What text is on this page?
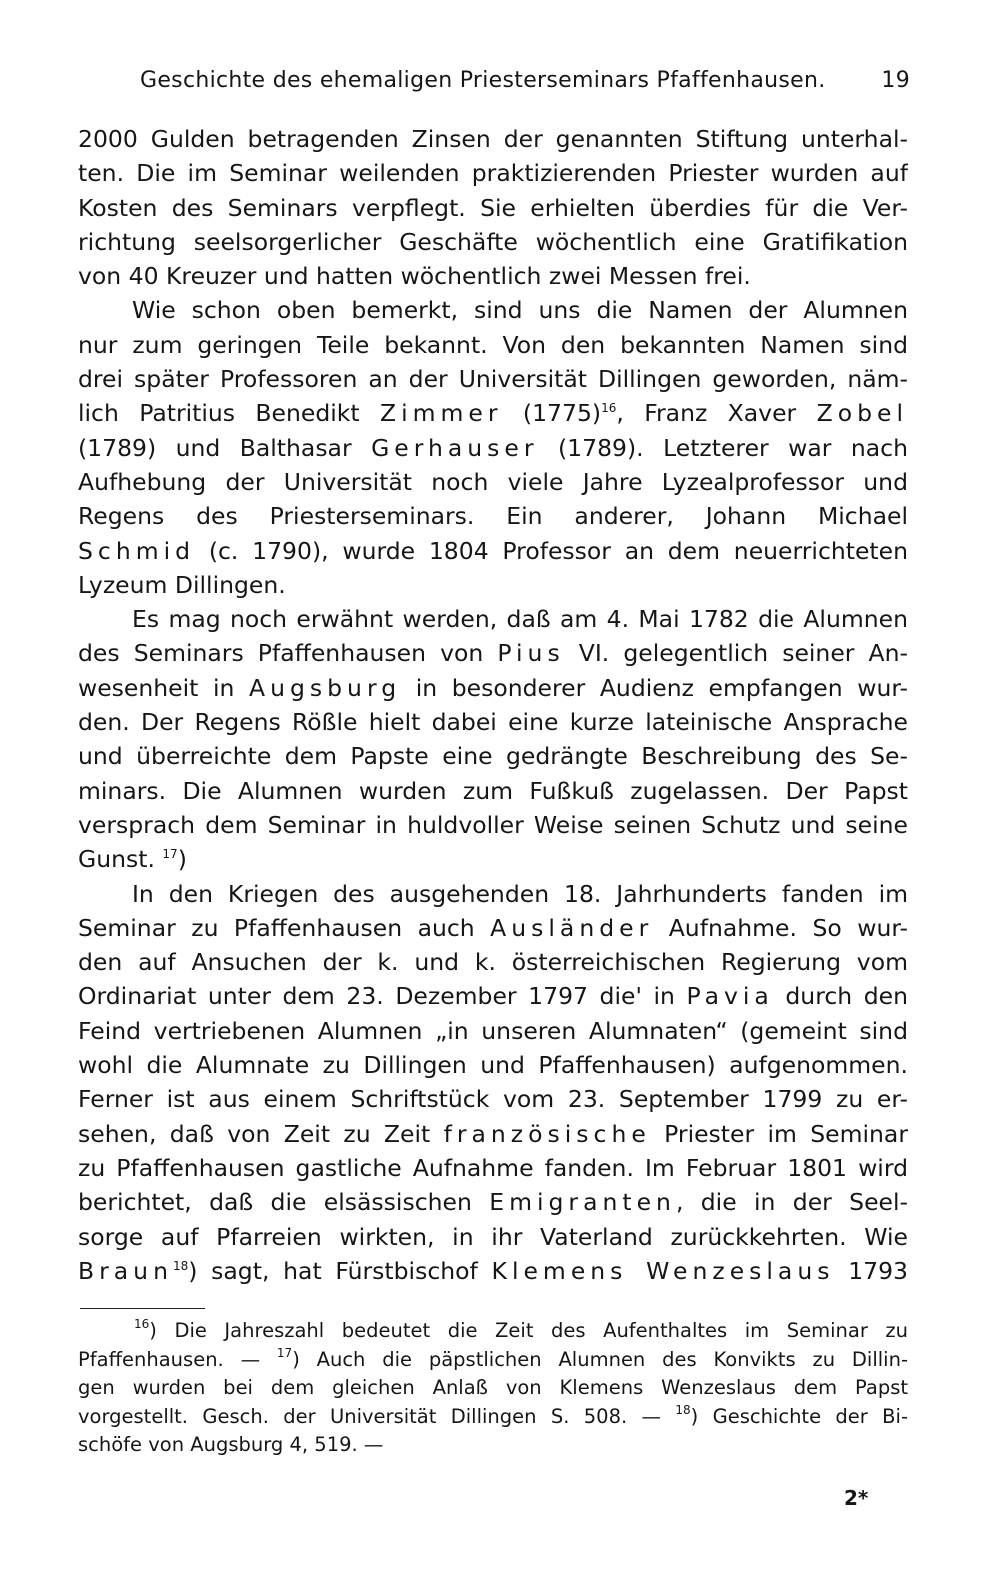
Geschichte des ehemaligen Priesterseminars Pfaffenhausen.	19

2000 Gulden betragenden Zinsen der genannten Stiftung unterhal-
ten. Die im Seminar weilenden praktizierenden Priester wurden auf
Kosten des Seminars verpflegt. Sie erhielten überdies für die Ver-
richtung seelsorgerlicher Geschäfte wöchentlich eine Gratifikation
von 40 Kreuzer und hatten wöchentlich zwei Messen frei.

Wie schon oben bemerkt, sind uns die Namen der Alumnen
nur zum geringen Teile bekannt. Von den bekannten Namen sind
drei später Professoren an der Universität Dillingen geworden, näm-
lich Patritius Benedikt Zimmer (1775)$^{16}$, Franz Xaver Zobel
(1789) und Balthasar Gerhauser (1789). Letzterer war nach
Aufhebung der Universität noch viele Jahre Lyzealprofessor und
Regens des Priesterseminars. Ein anderer, Johann Michael
Schmid (c. 1790), wurde 1804 Professor an dem neuerrichteten
Lyzeum Dillingen.

Es mag noch erwähnt werden, daß am 4. Mai 1782 die Alumnen
des Seminars Pfaffenhausen von Pius VI. gelegentlich seiner An-
wesenheit in Augsburg in besonderer Audienz empfangen wur-
den. Der Regens Rößle hielt dabei eine kurze lateinische Ansprache
und überreichte dem Papste eine gedrängte Beschreibung des Se-
minars. Die Alumnen wurden zum Fußkuß zugelassen. Der Papst
versprach dem Seminar in huldvoller Weise seinen Schutz und seine
Gunst. $^{17}$)

In den Kriegen des ausgehenden 18. Jahrhunderts fanden im
Seminar zu Pfaffenhausen auch Ausländer Aufnahme. So wur-
den auf Ansuchen der k. und k. österreichischen Regierung vom
Ordinariat unter dem 23. Dezember 1797 die' in Pavia durch den
Feind vertriebenen Alumnen „in unseren Alumnaten“ (gemeint sind
wohl die Alumnate zu Dillingen und Pfaffenhausen) aufgenommen.
Ferner ist aus einem Schriftstück vom 23. September 1799 zu er-
sehen, daß von Zeit zu Zeit französische Priester im Seminar
zu Pfaffenhausen gastliche Aufnahme fanden. Im Februar 1801 wird
berichtet, daß die elsässischen Emigranten, die in der Seel-
sorge auf Pfarreien wirkten, in ihr Vaterland zurückkehrten. Wie
Braun$^{18}$) sagt, hat Fürstbischof Klemens Wenzeslaus 1793

$^{16}$) Die Jahreszahl bedeutet die Zeit des Aufenthaltes im Seminar zu
Pfaffenhausen. — $^{17}$) Auch die päpstlichen Alumnen des Konvikts zu Dillin-
gen wurden bei dem gleichen Anlaß von Klemens Wenzeslaus dem Papst
vorgestellt. Gesch. der Universität Dillingen S. 508. — $^{18}$) Geschichte der Bi-
schöfe von Augsburg 4, 519. —
2*
